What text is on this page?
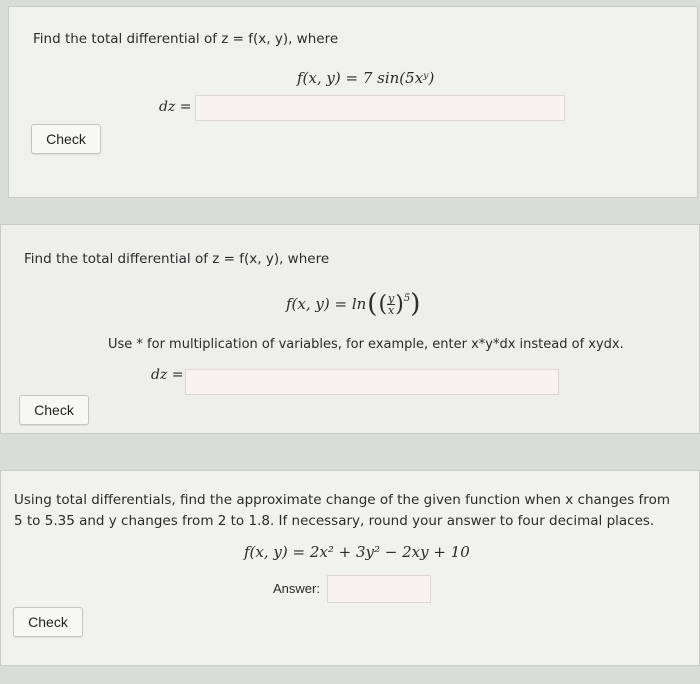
Find the total differential of z = f(x, y), where
f(x, y) = 7 sin(5xʸ)
dz =
Check
Find the total differential of z = f(x, y), where
f(x, y) = ln ( ( $\frac{y}{x} )^5$ )
Use * for multiplication of variables, for example, enter x*y*dx instead of xydx.
dz =
Check
Using total differentials, find the approximate change of the given function when x changes from
5 to 5.35 and y changes from 2 to 1.8. If necessary, round your answer to four decimal places.
f(x, y) = 2x² + 3y² − 2xy + 10
Answer:
Check
